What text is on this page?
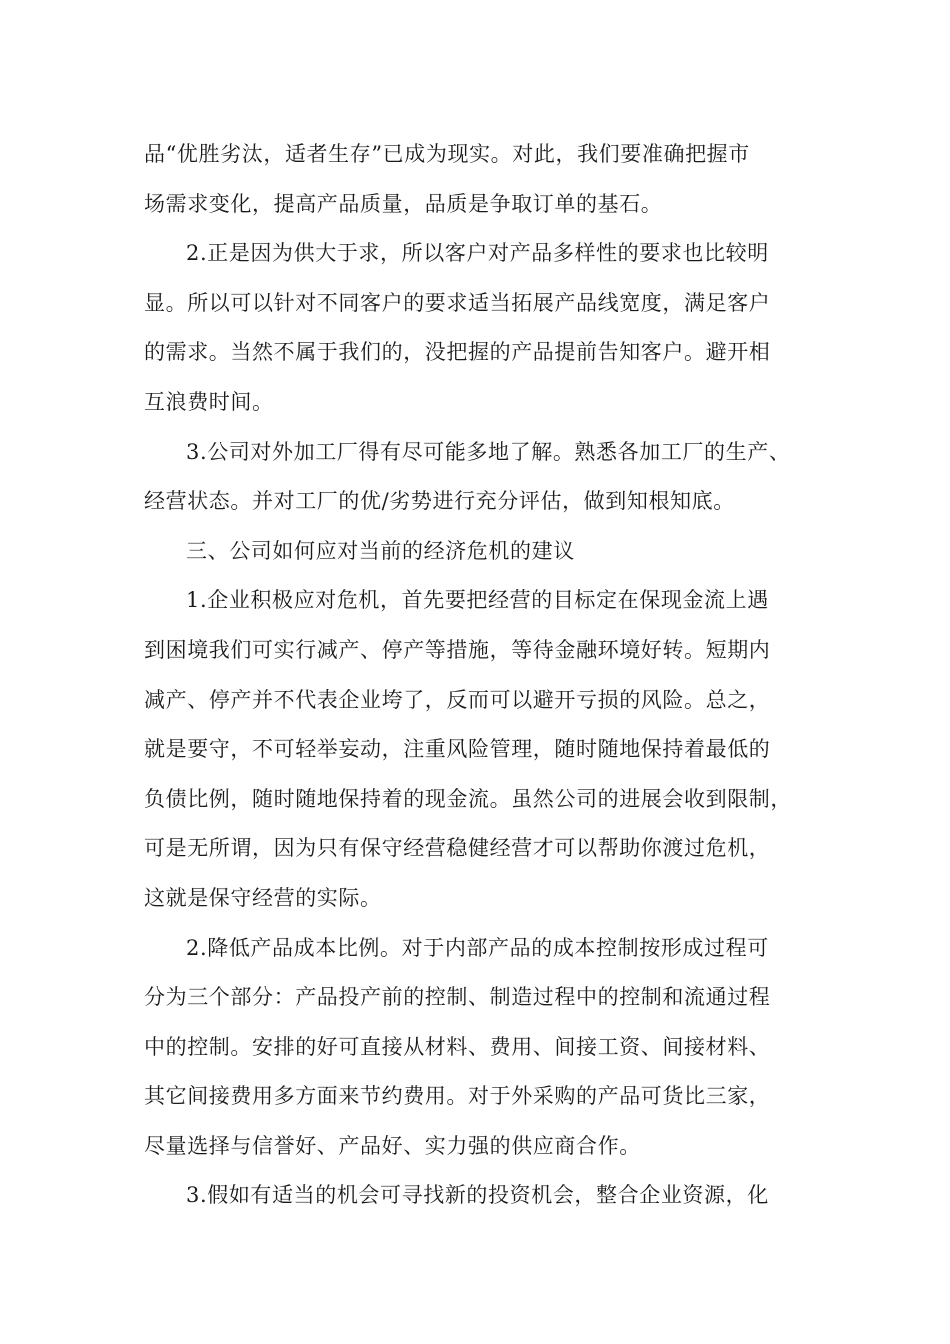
品“优胜劣汰，适者生存”已成为现实。对此，我们要准确把握市
场需求变化，提高产品质量，品质是争取订单的基石。
2.正是因为供大于求，所以客户对产品多样性的要求也比较明
显。所以可以针对不同客户的要求适当拓展产品线宽度，满足客户
的需求。当然不属于我们的，没把握的产品提前告知客户。避开相
互浪费时间。
3.公司对外加工厂得有尽可能多地了解。熟悉各加工厂的生产、
经营状态。并对工厂的优/劣势进行充分评估，做到知根知底。
三、公司如何应对当前的经济危机的建议
1.企业积极应对危机，首先要把经营的目标定在保现金流上遇
到困境我们可实行减产、停产等措施，等待金融环境好转。短期内
减产、停产并不代表企业垮了，反而可以避开亏损的风险。总之，
就是要守，不可轻举妄动，注重风险管理，随时随地保持着最低的
负债比例，随时随地保持着的现金流。虽然公司的进展会收到限制，
可是无所谓，因为只有保守经营稳健经营才可以帮助你渡过危机，
这就是保守经营的实际。
2.降低产品成本比例。对于内部产品的成本控制按形成过程可
分为三个部分：产品投产前的控制、制造过程中的控制和流通过程
中的控制。安排的好可直接从材料、费用、间接工资、间接材料、
其它间接费用多方面来节约费用。对于外采购的产品可货比三家，
尽量选择与信誉好、产品好、实力强的供应商合作。
3.假如有适当的机会可寻找新的投资机会，整合企业资源，化
